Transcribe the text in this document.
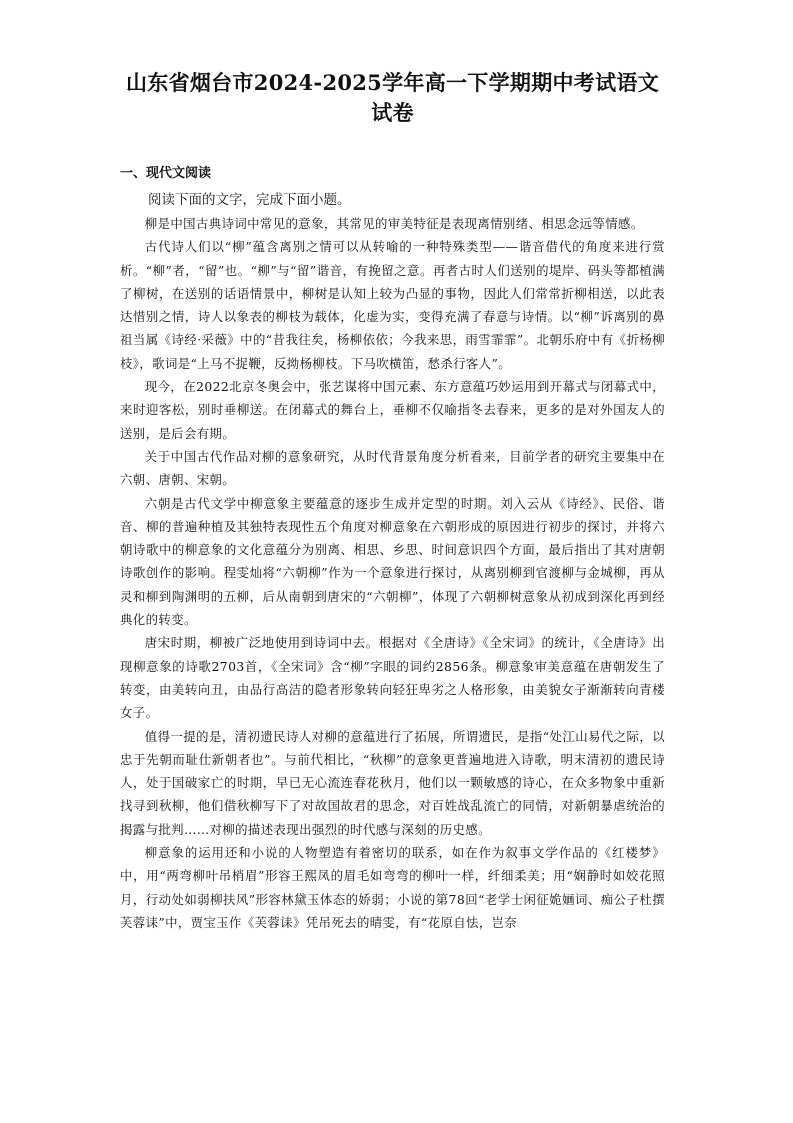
山东省烟台市2024-2025学年高一下学期期中考试语文试卷
一、现代文阅读

阅读下面的文字，完成下面小题。

柳是中国古典诗词中常见的意象，其常见的审美特征是表现离情别绪、相思念远等情感。

古代诗人们以“柳”蕴含离别之情可以从转喻的一种特殊类型——谐音借代的角度来进行赏析。“柳”者，“留”也。“柳”与“留”谐音，有挽留之意。再者古时人们送别的堤岸、码头等都植满了柳树，在送别的话语情景中，柳树是认知上较为凸显的事物，因此人们常常折柳相送，以此表达惜别之情，诗人以象表的柳枝为载体，化虚为实，变得充满了春意与诗情。以“柳”诉离别的鼻祖当属《诗经·采薇》中的“昔我往矣，杨柳依依；今我来思，雨雪霏霏”。北朝乐府中有《折杨柳枝》，歌词是“上马不捉鞭，反拗杨柳枝。下马吹横笛，愁杀行客人”。

现今，在2022北京冬奥会中，张艺谋将中国元素、东方意蕴巧妙运用到开幕式与闭幕式中，来时迎客松，别时垂柳送。在闭幕式的舞台上，垂柳不仅喻指冬去春来，更多的是对外国友人的送别，是后会有期。

关于中国古代作品对柳的意象研究，从时代背景角度分析看来，目前学者的研究主要集中在六朝、唐朝、宋朝。

六朝是古代文学中柳意象主要蕴意的逐步生成并定型的时期。刘入云从《诗经》、民俗、谐音、柳的普遍种植及其独特表现性五个角度对柳意象在六朝形成的原因进行初步的探讨，并将六朝诗歌中的柳意象的文化意蕴分为别离、相思、乡思、时间意识四个方面，最后指出了其对唐朝诗歌创作的影响。程雯灿将“六朝柳”作为一个意象进行探讨，从离别柳到官渡柳与金城柳，再从灵和柳到陶渊明的五柳，后从南朝到唐宋的“六朝柳”，体现了六朝柳树意象从初成到深化再到经典化的转变。

唐宋时期，柳被广泛地使用到诗词中去。根据对《全唐诗》《全宋词》的统计，《全唐诗》出现柳意象的诗歌2703首，《全宋词》含“柳”字眼的词约2856条。柳意象审美意蕴在唐朝发生了转变，由美转向丑，由品行高洁的隐者形象转向轻狂卑劣之人格形象，由美貌女子渐渐转向青楼女子。

值得一提的是，清初遗民诗人对柳的意蕴进行了拓展，所谓遗民，是指“处江山易代之际，以忠于先朝而耻仕新朝者也”。与前代相比，“秋柳”的意象更普遍地进入诗歌，明末清初的遗民诗人，处于国破家亡的时期，早已无心流连春花秋月，他们以一颗敏感的诗心，在众多物象中重新找寻到秋柳，他们借秋柳写下了对故国故君的思念，对百姓战乱流亡的同情，对新朝暴虐统治的揭露与批判……对柳的描述表现出强烈的时代感与深刻的历史感。

柳意象的运用还和小说的人物塑造有着密切的联系，如在作为叙事文学作品的《红楼梦》中，用“两弯柳叶吊梢眉”形容王熙凤的眉毛如弯弯的柳叶一样，纤细柔美；用“娴静时如姣花照月，行动处如弱柳扶风”形容林黛玉体态的娇弱；小说的第78回“老学士闲征姽婳词、痴公子杜撰芙蓉诔”中，贾宝玉作《芙蓉诔》凭吊死去的晴雯，有“花原自怯，岂奈
